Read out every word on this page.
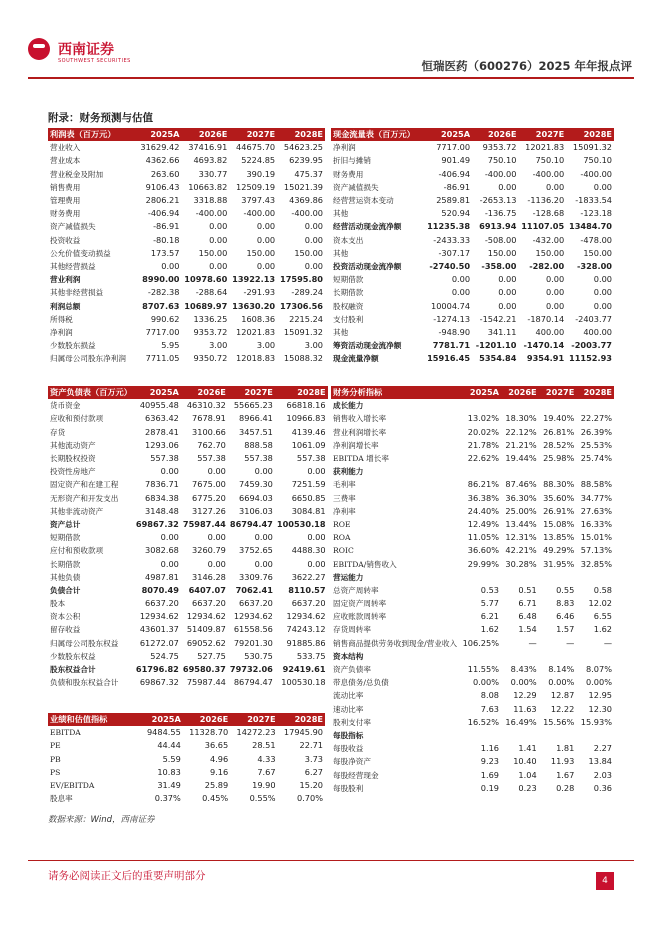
西南证券
SOUTHWEST SECURITIES	恒瑞医药（600276）2025 年年报点评
附录：财务预测与估值
利润表（百万元）	2025A	2026E	2027E	2028E
营业收入	31629.42	37416.91	44675.70	54623.25
营业成本	4362.66	4693.82	5224.85	6239.95
营业税金及附加	263.60	330.77	390.19	475.37
销售费用	9106.43	10663.82	12509.19	15021.39
管理费用	2806.21	3318.88	3797.43	4369.86
财务费用	-406.94	-400.00	-400.00	-400.00
资产减值损失	-86.91	0.00	0.00	0.00
投资收益	-80.18	0.00	0.00	0.00
公允价值变动损益	173.57	150.00	150.00	150.00
其他经营损益	0.00	0.00	0.00	0.00
营业利润	8990.00	10978.60	13922.13	17595.80
其他非经营损益	-282.38	-288.64	-291.93	-289.24
利润总额	8707.63	10689.97	13630.20	17306.56
所得税	990.62	1336.25	1608.36	2215.24
净利润	7717.00	9353.72	12021.83	15091.32
少数股东损益	5.95	3.00	3.00	3.00
归属母公司股东净利润	7711.05	9350.72	12018.83	15088.32
现金流量表（百万元）	2025A	2026E	2027E	2028E
净利润	7717.00	9353.72	12021.83	15091.32
折旧与摊销	901.49	750.10	750.10	750.10
财务费用	-406.94	-400.00	-400.00	-400.00
资产减值损失	-86.91	0.00	0.00	0.00
经营营运资本变动	2589.81	-2653.13	-1136.20	-1833.54
其他	520.94	-136.75	-128.68	-123.18
经营活动现金流净额	11235.38	6913.94	11107.05	13484.70
资本支出	-2433.33	-508.00	-432.00	-478.00
其他	-307.17	150.00	150.00	150.00
投资活动现金流净额	-2740.50	-358.00	-282.00	-328.00
短期借款	0.00	0.00	0.00	0.00
长期借款	0.00	0.00	0.00	0.00
股权融资	10004.74	0.00	0.00	0.00
支付股利	-1274.13	-1542.21	-1870.14	-2403.77
其他	-948.90	341.11	400.00	400.00
筹资活动现金流净额	7781.71	-1201.10	-1470.14	-2003.77
现金流量净额	15916.45	5354.84	9354.91	11152.93
资产负债表（百万元）	2025A	2026E	2027E	2028E
货币资金	40955.48	46310.32	55665.23	66818.16
应收和预付款项	6363.42	7678.91	8966.41	10966.83
存货	2878.41	3100.66	3457.51	4139.46
其他流动资产	1293.06	762.70	888.58	1061.09
长期股权投资	557.38	557.38	557.38	557.38
投资性房地产	0.00	0.00	0.00	0.00
固定资产和在建工程	7836.71	7675.00	7459.30	7251.59
无形资产和开发支出	6834.38	6775.20	6694.03	6650.85
其他非流动资产	3148.48	3127.26	3106.03	3084.81
资产总计	69867.32	75987.44	86794.47	100530.18
短期借款	0.00	0.00	0.00	0.00
应付和预收款项	3082.68	3260.79	3752.65	4488.30
长期借款	0.00	0.00	0.00	0.00
其他负债	4987.81	3146.28	3309.76	3622.27
负债合计	8070.49	6407.07	7062.41	8110.57
股本	6637.20	6637.20	6637.20	6637.20
资本公积	12934.62	12934.62	12934.62	12934.62
留存收益	43601.37	51409.87	61558.56	74243.12
归属母公司股东权益	61272.07	69052.62	79201.30	91885.86
少数股东权益	524.75	527.75	530.75	533.75
股东权益合计	61796.82	69580.37	79732.06	92419.61
负债和股东权益合计	69867.32	75987.44	86794.47	100530.18
财务分析指标	2025A	2026E	2027E	2028E
成长能力				
销售收入增长率	13.02%	18.30%	19.40%	22.27%
营业利润增长率	20.02%	22.12%	26.81%	26.39%
净利润增长率	21.78%	21.21%	28.52%	25.53%
EBITDA 增长率	22.62%	19.44%	25.98%	25.74%
获利能力				
毛利率	86.21%	87.46%	88.30%	88.58%
三费率	36.38%	36.30%	35.60%	34.77%
净利率	24.40%	25.00%	26.91%	27.63%
ROE	12.49%	13.44%	15.08%	16.33%
ROA	11.05%	12.31%	13.85%	15.01%
ROIC	36.60%	42.21%	49.29%	57.13%
EBITDA/销售收入	29.99%	30.28%	31.95%	32.85%
营运能力				
总资产周转率	0.53	0.51	0.55	0.58
固定资产周转率	5.77	6.71	8.83	12.02
应收账款周转率	6.21	6.48	6.46	6.55
存货周转率	1.62	1.54	1.57	1.62
销售商品提供劳务收到现金/营业收入	106.25%	—	—	—
资本结构				
资产负债率	11.55%	8.43%	8.14%	8.07%
带息债务/总负债	0.00%	0.00%	0.00%	0.00%
流动比率	8.08	12.29	12.87	12.95
速动比率	7.63	11.63	12.22	12.30
股利支付率	16.52%	16.49%	15.56%	15.93%
每股指标				
每股收益	1.16	1.41	1.81	2.27
每股净资产	9.23	10.40	11.93	13.84
每股经营现金	1.69	1.04	1.67	2.03
每股股利	0.19	0.23	0.28	0.36
业绩和估值指标	2025A	2026E	2027E	2028E
EBITDA	9484.55	11328.70	14272.23	17945.90
PE	44.44	36.65	28.51	22.71
PB	5.59	4.96	4.33	3.73
PS	10.83	9.16	7.67	6.27
EV/EBITDA	31.49	25.89	19.90	15.20
股息率	0.37%	0.45%	0.55%	0.70%
数据来源：Wind，西南证券
请务必阅读正文后的重要声明部分	4
